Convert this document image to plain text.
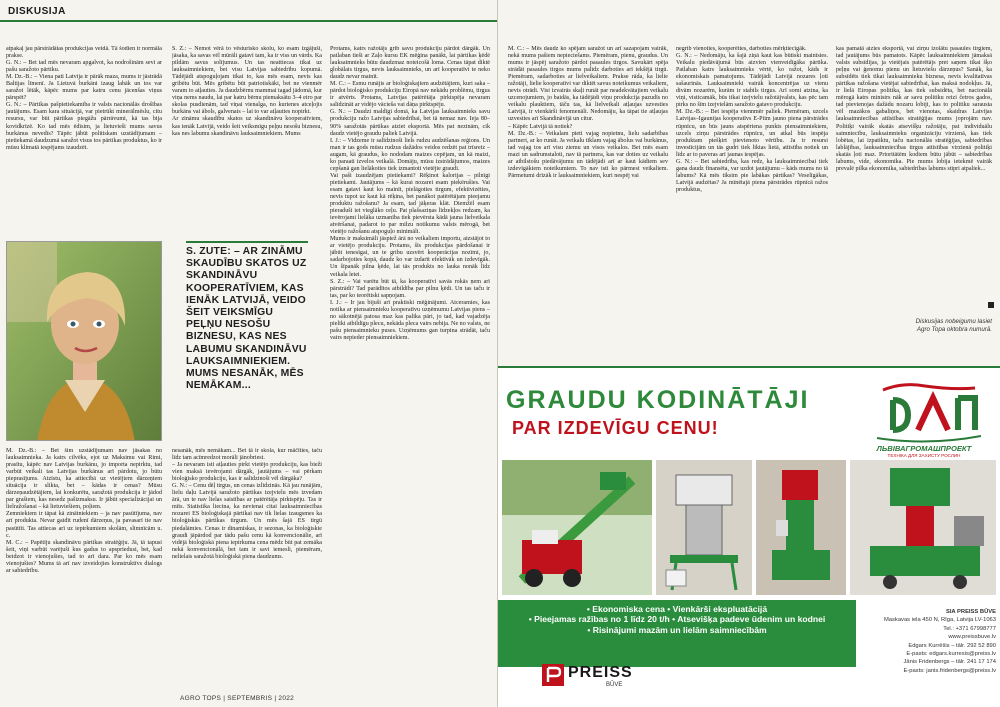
DISKUSIJA
atpakaļ jau pārstrādātas produkcijas veidā. Tā šodien ir normāla prakse.
G. N.: – Bet tad mēs nevaram apgalvot, ka nodrošinām sevi ar pašu saražoto pārtiku.
M. Dz.-B.: – Viena pati Latvija ir pārāk maza, mums ir jāstrādā Baltijas līmenī. Ja Lietuvā burkāni izaug labāk un tos var saražot lētāk, kāpēc mums par katru cenu jācenšas viņus pārspēt?
G. N.: – Pārtikas pašpietiekamība ir valsts nacionālās drošības jautājums. Esam kara situācijā, var pietrūkt minerālmēslu, citu resursu, var būt pārtikas piegāžu pārrāvumi, kā tas bija kovidkrīzē. Ko tad mēs ēdīsim, ja lietuvieši mums savus burkānus nevedīs? Tāpēc jābūt politiskam uzstādījumam – pietiekamā daudzumā saražot visus tos pārtikas produktus, ko ir mūsu klimatā iespējams izaudzēt.
S. ZUTE: – AR ZINĀMU SKAUDĪBU SKATOS UZ SKANDINĀVU KOOPERATĪVIEM, KAS IENĀK LATVIJĀ, VEIDO ŠEIT VEIKSMĪGU PEĻŅU NESOŠU BIZNESU, KAS NES LABUMU SKANDINĀVU LAUKSAIMNIEKIEM. MUMS NESANĀK, MĒS NEMĀKAM...
M. Dz.-B.: – Bet šim uzstādījumam nav jāsakas no lauksaimnieka. Ja katrs cilvēks, ejot uz Maksimu vai Rimi, prasītu, kāpēc nav Latvijas burkānu, jo importa nepirktu, tad varbūt veikali tas Latvijas burkānus arī pārdotu, jo būtu pieprasījums. Atzīstu, ka attiecībā uz vietējiem dārzeņiem situācija ir slikta, bet – kādas ir cenas? Mūsu dārzeņaudzētājiem, lai konkurētu, saražotā produkcija ir jādod par grašiem, kas nesedz pašizmaksu. Ir jābūt specializācijai un lielražošanai – kā lietuviešiem, poļiem.
Zemniekiem ir tāpat kā zinātniekiem – ja nav pasūtījuma, nav arī produkta. Nevar gaidīt rudenī dārzeņus, ja pavasarī tie nav pasūtīti. Tas attiecas arī uz iepirkumiem skolām, slimnīcām u. c.
M. C.: – Papētīju skandināvu pārtikas stratēģiju. Jā, tā tapusi šeit, viņi varbūt varējuši kus gadus to apspriedusi, bet, kad beidzot ir vienojušies, tad to arī dara. Par ko mēs esam vienojušies? Mums tā arī nav izveidojies konstruktīvs dialogs ar sabiedrību.
S. Z.: – Nemot vērā to vēsturisko skolu, ko esam izgājuši, jāsaka, ka savas vēl mūrāli gatavi tam, ka ir viss un vārds. Ka pildām savus solījumus. Un tas neattiecas tikai uz lauksaimniekiem, bet visu Latvijas sabiedrību kopumā. Tādējādi atspoguļojam tikai to, kas mēs esam, nevis kas gribētu būt. Mēs gribētu būt patriotiskāki, bet ne vienmēr varam to atļauties. Ja daudzbērnu mammai tagad jādomā, kur viņa nems naudu, lai par katru bērnu piemaksātu 3–4 eiro par skolas pusdienām, tad viņai vienalga, no kurienes atceļojis burkāns vai ābols, galvenais – lai to var atļauties nopirkt.
Ar zināmu skaudību skatos uz skandināvu kooperatīviem, kas ienāk Latvijā, veido šeit veiksmīgu peļņu nesošu biznesu, kas nes labumu skandināvu lauksaimniekiem. Mums
nesanāk, mēs nemākam... Bet tā ir skola, kur māčīties, taču līdz tam acīmredzot morāli jānobriest.
– Ja nevaram isti atļauties pirkt vietējo produkciju, kas bieži vien maksā ievērojami dārgāk, jautājums – vai pērkam bioloģisko produkciju, kas ir salīdzinoši vēl dārgāka?
G. N.: – Cenu dēļ tirgus, un cenas izlīdzinās. Kā jau runājām, lielu daļu Latvijā saražoto pārtikas izejvielu mēs izvedam ārā, un te nav lielas saistības ar patērētāja pirktspēju. Tas ir mīts. Statistika liecina, ka nevienai citai lauksaimniecības nozarei ES bioloģiskajā pārtikai nav tik lielas izaugsmes ka bioloģiskās pārtikas tirgum. Un mēs šajā ES tirgū piedalāmies. Cenas ir dinamiskas, ir sezonas, ka bioloģiskie graudi jāpārdod par tādu pašu cenu kā konvencionālie, arī vidējā bioloģiskā piena iepirkuma cena mēdz būt pat zemāka nekā konvencionālā, bet tam ir savi iemesli, piemēram, nelielais saražotā bioloģiskā piena daudzums.
Protams, katrs ražotājs grib savu produkciju pārdot dārgāk. Un patlaban tieši ar Zaļo kursu EK mēģina panākt, lai pārtikas ķēdē lauksaimnieks būtu daudzmaz noteicošā loma. Cenas tāpat diktē globālais tirgus, nevis lauksaimnieks, un arī kooperatīvi te neko daudz nevar mainīt.
M. C.: – Esmu runājis ar bioloģiskajiem audzētājiem, kuri saka – pārdot bioloģisko produkciju Eiropā nav nekādu problēmu, tirgus ir atvērts. Protams, Latvijas patērētāja pirktspēja nevaram salīdzināt ar vidējo vācieša vai dāņa pirktspēju.
G. N.: – Daudzi maldīgi domā, ka Latvijas lauksaimnieks savu produkciju ražo Latvijas sabiedrībai, bet tā nemaz nav. Ieja 80–90% saražotās pārtikas aiziet eksportā. Mēs pat nezinām, cik daudz vietējo graudu paliek Latvijā.
I. J.: – Vidzeme ir salīdzinoši liels rudzu audzēšanas reģions. Un man ir tas gods mūsu rudzus dažādos veidos redzēt pat trīsreiz – augam, kā graudus, ko nododam maizes cepējam, un kā maizi, ko paraati izvelos veikalā. Domāju, mūsu izstrādājumos, maizes cepšanā gan lielākoties tiek izmantoti vietējie graudi.
Vai paši izaudzējam pietiekami? Rēķinot kalorijas – pilnīgi pietiekami. Jautājums – kā kurai nozarei esam piekēruŝies. Vai esam gatavi kaut ko mainīt, pielāgoties tirgum, efektivizēties, nevis tupot uz kaut kā rēķina, bet panākot patērētājam pieejamu produktu ražošanu? Ja esam, tad jāķeras klāt. Diemžēl esam pieraduši iet vieglāko ceļu. Pat plašsaziņas līdzekļos redzam, ka ievērojami lielāka uzmanība tiek pievērsta kādā jauna lielveikala atvēršanai, padarot to par milzu notikumu valsts mērogā, bet vietējo ražošanu atspoguļo minimāli.
Mums ir maksimāli jāspiež ārā no veikaliem importu, aizstājot to ar vietējo produkciju. Protams, šīs produkcijas pārdošanai ir jābūt ienesīgai, un te gribu uzsvērt kooperācijas nozīmi, jo, sadarbojoties kopā, daudz ko var izdarīt efektīvāk un izdevīgāk. Un šīpanāk pilna ķēde, lai tās produkts no lauka nonāk līdz veikala letei.
S. Z.: – Vai varētu būt tā, ka kooperatīvi savās rokās ņem arī pārstrādi? Tad parādītos atbildība par pilnu ķēdi. Un tas taču ir tas, par ko teorētiski sapņojam.
I. J.: – Ir jau bijuši arī praktiski mēģinājumi. Atceramies, kas notika ar piensaimnieku kooperatīvu uzņēmumu Latvijas piens – no sākotnējā patosa maz kas palika pāri, jo tad, kad vajadzēja pieliki atbildīgu plecu, nekāda pleca vairs nebija. Ne no valsts, ne pašu piensaimnieku puses. Uzņēmums gan turpina strādāt, taču vairs nepieder piensaimniekiem.
AGRO TOPS | SEPTEMBRIS | 2022
M. C.: – Mēs daudz ko spējam saražot un arī sazapojam vairāk, nekā mums pašiem nepieciešams. Piemēram, pienu, graudus. Un mums ir jāspēj saražoto pārdot pasaules tirgos. Savukārt spēja strādāt pasaules tirgos mums palīdz darboties arī iekšējā tirgū. Piemēram, sadarboties ar lielveikaliem. Prakse rāda, ka lielie ražotāji, lielie kooperatīvi var diktēt savus noteikumus veikaliem, nevis otrādi. Visi izvairās skaļi runāt par neadekvātajiem veikalu uzcenojumiem, jo baidās, ka tādējādi viņu produkcija pazudīs no veikalu plauktiem, tāču tas, kā lielveikali atļaujas uzvesties Latvijā, ir vienkārši fenomenāli. Nedomāju, ka tāpat tie atļaujas uzvesties arī Skandināvijā un citur.
– Kāpēc Latvijā tā notiek?
M. Dz.-B.: – Veikalam pieti vajag nopietnu, lielu sadarbības partneri, ar ko runāt. Ja veikalu tīklam vajag ābolus vai burkānus, tad vajag tos arī visu ziemu un visos veikalos. Bet mēs esam mazi un sadrumstaloti, nav tā partnera, kas var doties uz veikalu ar atbilstošu piedāvājumu un tādējādi arī ar kaut kādiem sev izdevīgākiem noteikumiem. To nav isti ko pārmest veikaliem. Pārmetumi drīzāk ir lauksaimniekiem, kuri nespēj vai
negrib vienoties, kooperēties, darboties mērķtiecīgāk.
G. N.: – Nedomāju, ka šajā ziņā kaut kas būtiski mainīsies. Veikalu piedāvājumā būs aizvien vienveidīgāka pārtika. Patlaban katrs lauksaimnieks vērtē, ko ražot, kāds ir ekonomiskais pamatojums. Tādējādi Latvijā nozares ļoti sašaurinās. Lauksaimnieki vairāk koncentrējas uz vienu divām nozarēm, kurām ir stabils tirgus. Arī somi atzina, ka viņi, visticamāk, būs tikai izejvielu ražotājvalsts, kas pēc tam pirks no šīm izejvielām saražoto gatavo produkciju.
M. Dz.-B.: – Bet iespēja viennmēr paliek. Piemēram, uzcels Latvijas–Igaunijas kooperatīvs E-Piim jauno piena pārstrādes rūpnīcu, un būs jauns atspēriena punkts piensaimniekiem, uzcels zirņu pārstrādes rūpnīcu, un atkal būs iespēja produktam piešķirt pievienoto vērtību. Ja ir resursi investīcijām un tās gudri tiek liktas lietā, attīstība notiek un līdz ar to paveras arī jaunas iespējas.
G. N.: – Bet sabiedrība, kas redz, ka lauksaimniecībai tiek gana daudz finansēta, var uzdot jautājumu – kāds mums no tā labums? Kā mēs tiksim pie labākas pārtikas? Veselīgākas, Latvijā audzētas? Ja mīnētajā piena pārstrādes rūpnīcā ražos produktus,
kas pamatā aizies eksportā, vai zirņu izolātu pasaules tirgiem, tad jautājums būs pamatots. Kāpēc lauksaimniekiem jāmaksā valsts subsīdijas, ja vietējais patērētājs pret saņem tikai šķo peļņu vai ģenomu pienu un lietuviešu dārzeņus? Sanāk, ka subsīdēts tiek tikai lauksaimnieku biznesa, nevis kvalitatīvas pārtikas ražošana vietējai sabiedrībai, kas maksā nodokļus. Jā, ir lielā Eiropas politika, kas tiek subsidēta, bet nacionālā mērogā katrs ministrs nāk ar savu politiku reizi četros gados, tad pievienojas dažādu nozaru lobiji, kas to politiku sarausta vēl mazākos gabaliņos, bet vienotas, skaidras Latvijas lauksaimniecības attīstības stratēģijas mums joprojām nav. Politiķi vairāk skatās atsevišķu ražotāju, pat individuālu saimniecību, lauksaimnieku organizāciju virzienā, kas tiek lobētas, lai izpatiktu, taču nacionālās stratēģijas, sabiedrības lablājības, lauksaimniecības tirgus attīstības virzienā politiķi skatās ļoti maz. Prioritātēm kodiem būtu jābūt – sabiedrības labums, vide, ekonomika. Pie mums lobija ietekmē vairāk prevalē pilka ekonomika, sabiedrības labums stipri atpaliek...
Diskusijas nobeigumu lasiet
Agro Topa oktobra numurā.
GRAUDU KODINĀTĀJI
PAR IZDEVĪGU CENU!
ЛЬВІВАГРОМАШПРОЕКТ
ТЕХНІКА ДЛЯ ЗАХИСТУ РОСЛИН
• Ekonomiska cena • Vienkārši ekspluatācijā
• Pieejamas ražības no 1 līdz 20 t/h • Atsevišķa padeve ūdenim un kodnei
• Risinājumi mazām un lielām saimniecībām
SIA PREISS BŪVE
Maskavas iela 450 N, Rīga, Latvija LV-1063
Tel.: +371 67998777
www.preissbuve.lv
Edgars Kurrēšis – tālr. 292 52 890
E-pasts: edgars.kurresis@preiss.lv
Jānis Fridenbergs – tālr. 241 17 174
E-pasts: janis.fridenbergs@preiss.lv
PREISS
BŪVE
